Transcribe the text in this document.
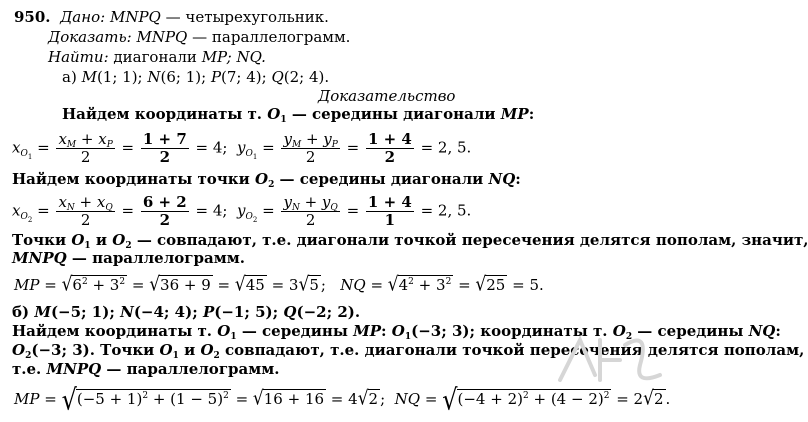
950. Дано: MNPQ — четырехугольник.
Доказать: MNPQ — параллелограмм.
Найти: диагонали MP; NQ.
а) M(1; 1); N(6; 1); P(7; 4); Q(2; 4).
Доказательство
Найдем координаты т. $O_1$ — середины диагонали MP:
$x_{O_1} = \frac{x_M + x_P}{2} = \frac{1 + 7}{2} = 4$;  $y_{O_1} = \frac{y_M + y_P}{2} = \frac{1 + 4}{2} = 2$, 5.
Найдем координаты точки $O_2$ — середины диагонали NQ:
$x_{O_2} = \frac{x_N + x_Q}{2} = \frac{6 + 2}{2} = 4$;  $y_{O_2} = \frac{y_N + y_Q}{2} = \frac{1 + 4}{1} = 2$, 5.
Точки $O_1$ и $O_2$ — совпадают, т.е. диагонали точкой пересечения делятся пополам, значит,
MNPQ — параллелограмм.
MP = $√6^2 + 3^2 = √36 + 9 = √45 = 3√5$ ;   NQ = $√4^2 + 3^2 = √25 = 5$.
б) M(−5; 1); N(−4; 4); P(−1; 5); Q(−2; 2).
Найдем координаты т. $O_1$ — середины MP: $O_1(-3$; 3); координаты т. $O_2$ — середины NQ:
$O_2(-3$; 3). Точки $O_1$ и $O_2$ совпадают, т.е. диагонали точкой пересечения делятся пополам,
т.е. MNPQ — параллелограмм.
MP = $√(-5 + 1)^2 + (1 - 5)^2 = √16 + 16 = 4√2$ ;  NQ = $√(-4 + 2)^2 + (4 - 2)^2 = 2√2$ .
